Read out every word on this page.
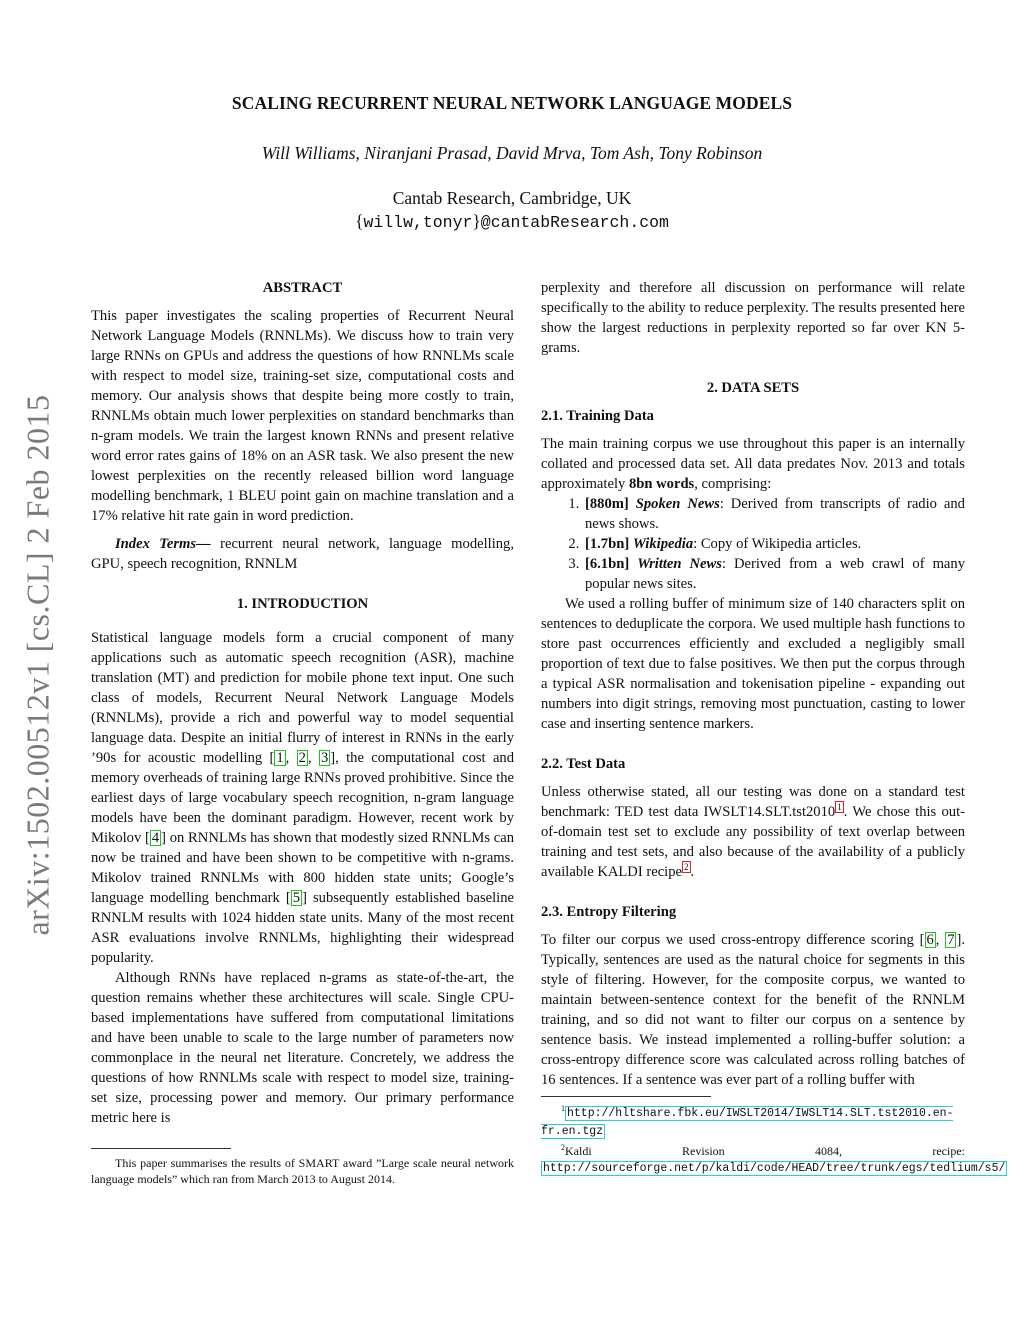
arXiv:1502.00512v1 [cs.CL] 2 Feb 2015
SCALING RECURRENT NEURAL NETWORK LANGUAGE MODELS
Will Williams, Niranjani Prasad, David Mrva, Tom Ash, Tony Robinson
Cantab Research, Cambridge, UK
{willw,tonyr}@cantabResearch.com
ABSTRACT

This paper investigates the scaling properties of Recurrent Neural Network Language Models (RNNLMs). We discuss how to train very large RNNs on GPUs and address the questions of how RNNLMs scale with respect to model size, training-set size, computational costs and memory. Our analysis shows that despite being more costly to train, RNNLMs obtain much lower perplexities on standard benchmarks than n-gram models. We train the largest known RNNs and present relative word error rates gains of 18% on an ASR task. We also present the new lowest perplexities on the recently released billion word language modelling benchmark, 1 BLEU point gain on machine translation and a 17% relative hit rate gain in word prediction.

Index Terms— recurrent neural network, language modelling, GPU, speech recognition, RNNLM

1. INTRODUCTION

Statistical language models form a crucial component of many applications such as automatic speech recognition (ASR), machine translation (MT) and prediction for mobile phone text input. One such class of models, Recurrent Neural Network Language Models (RNNLMs), provide a rich and powerful way to model sequential language data. Despite an initial flurry of interest in RNNs in the early ’90s for acoustic modelling [ 1 , 2 , 3 ], the computational cost and memory overheads of training large RNNs proved prohibitive. Since the earliest days of large vocabulary speech recognition, n-gram language models have been the dominant paradigm. However, recent work by Mikolov [ 4 ] on RNNLMs has shown that modestly sized RNNLMs can now be trained and have been shown to be competitive with n-grams. Mikolov trained RNNLMs with 800 hidden state units; Google’s language modelling benchmark [ 5 ] subsequently established baseline RNNLM results with 1024 hidden state units. Many of the most recent ASR evaluations involve RNNLMs, highlighting their widespread popularity.

Although RNNs have replaced n-grams as state-of-the-art, the question remains whether these architectures will scale. Single CPU-based implementations have suffered from computational limitations and have been unable to scale to the large number of parameters now commonplace in the neural net literature. Concretely, we address the questions of how RNNLMs scale with respect to model size, training-set size, processing power and memory. Our primary performance metric here is

This paper summarises the results of SMART award ”Large scale neural network language models” which ran from March 2013 to August 2014.

perplexity and therefore all discussion on performance will relate specifically to the ability to reduce perplexity. The results presented here show the largest reductions in perplexity reported so far over KN 5-grams.

2. DATA SETS
2.1. Training Data

The main training corpus we use throughout this paper is an internally collated and processed data set. All data predates Nov. 2013 and totals approximately 8bn words, comprising:

1. [880m] Spoken News: Derived from transcripts of radio and news shows.
2. [1.7bn] Wikipedia: Copy of Wikipedia articles.
3. [6.1bn] Written News: Derived from a web crawl of many popular news sites.

We used a rolling buffer of minimum size of 140 characters split on sentences to deduplicate the corpora. We used multiple hash functions to store past occurrences efficiently and excluded a negligibly small proportion of text due to false positives. We then put the corpus through a typical ASR normalisation and tokenisation pipeline - expanding out numbers into digit strings, removing most punctuation, casting to lower case and inserting sentence markers.

2.2. Test Data

Unless otherwise stated, all our testing was done on a standard test benchmark: TED test data IWSLT14.SLT.tst2010 $^1$ . We chose this out-of-domain test set to exclude any possibility of text overlap between training and test sets, and also because of the availability of a publicly available KALDI recipe $^2$ .

2.3. Entropy Filtering

To filter our corpus we used cross-entropy difference scoring [ 6 , 7 ]. Typically, sentences are used as the natural choice for segments in this style of filtering. However, for the composite corpus, we wanted to maintain between-sentence context for the benefit of the RNNLM training, and so did not want to filter our corpus on a sentence by sentence basis. We instead implemented a rolling-buffer solution: a cross-entropy difference score was calculated across rolling batches of 16 sentences. If a sentence was ever part of a rolling buffer with

$^1$ http://hltshare.fbk.eu/IWSLT2014/IWSLT14.SLT.tst2010.en-fr.en.tgz

$^2$Kaldi Revision 4084, recipe: http://sourceforge.net/p/kaldi/code/HEAD/tree/trunk/egs/tedlium/s5/
